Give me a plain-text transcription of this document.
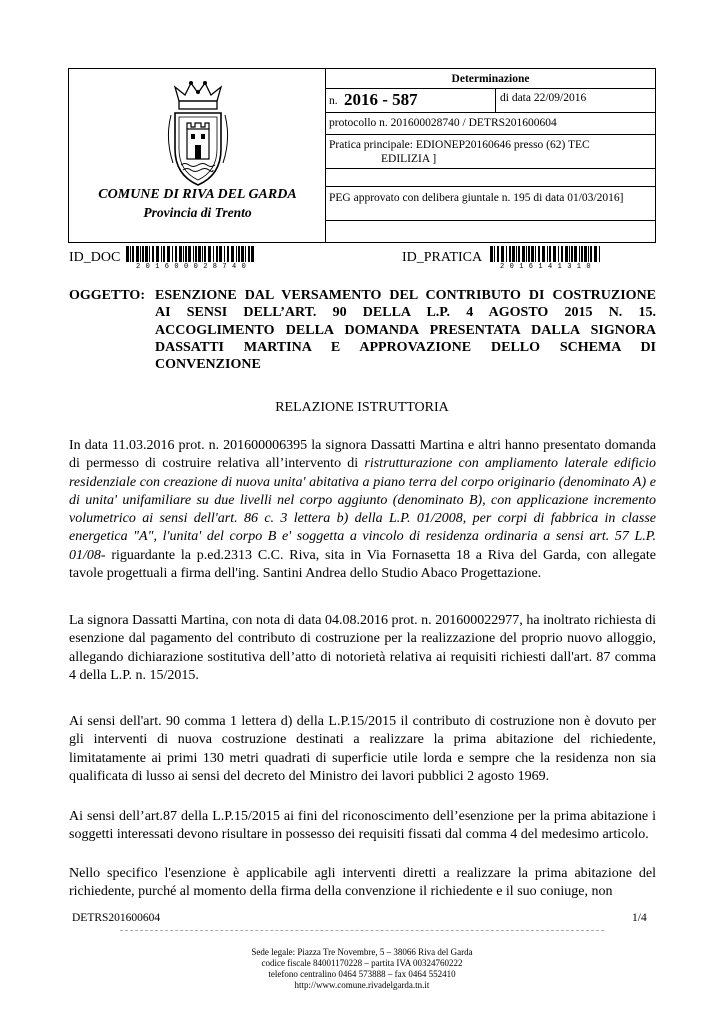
COMUNE DI RIVA DEL GARDA
Provincia di Trento
Determinazione
n. 2016 - 587	di data 22/09/2016
protocollo n. 201600028740 / DETRS201600604
Pratica principale: EDIONEP20160646 presso (62) TEC
EDILIZIA ]
PEG approvato con delibera giuntale n. 195 di data 01/03/2016]
ID_DOC
201600028740
ID_PRATICA
2016141310
OGGETTO: ESENZIONE DAL VERSAMENTO DEL CONTRIBUTO DI COSTRUZIONE
AI SENSI DELL’ART. 90 DELLA L.P. 4 AGOSTO 2015 N. 15.
ACCOGLIMENTO DELLA DOMANDA PRESENTATA DALLA SIGNORA
DASSATTI MARTINA E APPROVAZIONE DELLO SCHEMA DI
CONVENZIONE
RELAZIONE ISTRUTTORIA

In data 11.03.2016 prot. n. 201600006395 la signora Dassatti Martina e altri hanno presentato domanda di permesso di costruire relativa all’intervento di ristrutturazione con ampliamento laterale edificio residenziale con creazione di nuova unita' abitativa a piano terra del corpo originario (denominato A) e di unita' unifamiliare su due livelli nel corpo aggiunto (denominato B), con applicazione incremento volumetrico ai sensi dell'art. 86 c. 3 lettera b) della L.P. 01/2008, per corpi di fabbrica in classe energetica "A", l'unita' del corpo B e' soggetta a vincolo di residenza ordinaria a sensi art. 57 L.P. 01/08- riguardante la p.ed.2313 C.C. Riva, sita in Via Fornasetta 18 a Riva del Garda, con allegate tavole progettuali a firma dell'ing. Santini Andrea dello Studio Abaco Progettazione.

La signora Dassatti Martina, con nota di data 04.08.2016 prot. n. 201600022977, ha inoltrato richiesta di esenzione dal pagamento del contributo di costruzione per la realizzazione del proprio nuovo alloggio, allegando dichiarazione sostitutiva dell’atto di notorietà relativa ai requisiti richiesti dall'art. 87 comma 4 della L.P. n. 15/2015.

Ai sensi dell'art. 90 comma 1 lettera d) della L.P.15/2015 il contributo di costruzione non è dovuto per gli interventi di nuova costruzione destinati a realizzare la prima abitazione del richiedente, limitatamente ai primi 130 metri quadrati di superficie utile lorda e sempre che la residenza non sia qualificata di lusso ai sensi del decreto del Ministro dei lavori pubblici 2 agosto 1969.

Ai sensi dell’art.87 della L.P.15/2015 ai fini del riconoscimento dell’esenzione per la prima abitazione i soggetti interessati devono risultare in possesso dei requisiti fissati dal comma 4 del medesimo articolo.

Nello specifico l'esenzione è applicabile agli interventi diretti a realizzare la prima abitazione del richiedente, purché al momento della firma della convenzione il richiedente e il suo coniuge, non

DETRS201600604	1/4
Sede legale: Piazza Tre Novembre, 5 – 38066 Riva del Garda
codice fiscale 84001170228 – partita IVA 00324760222
telefono centralino 0464 573888 – fax 0464 552410
http://www.comune.rivadelgarda.tn.it
